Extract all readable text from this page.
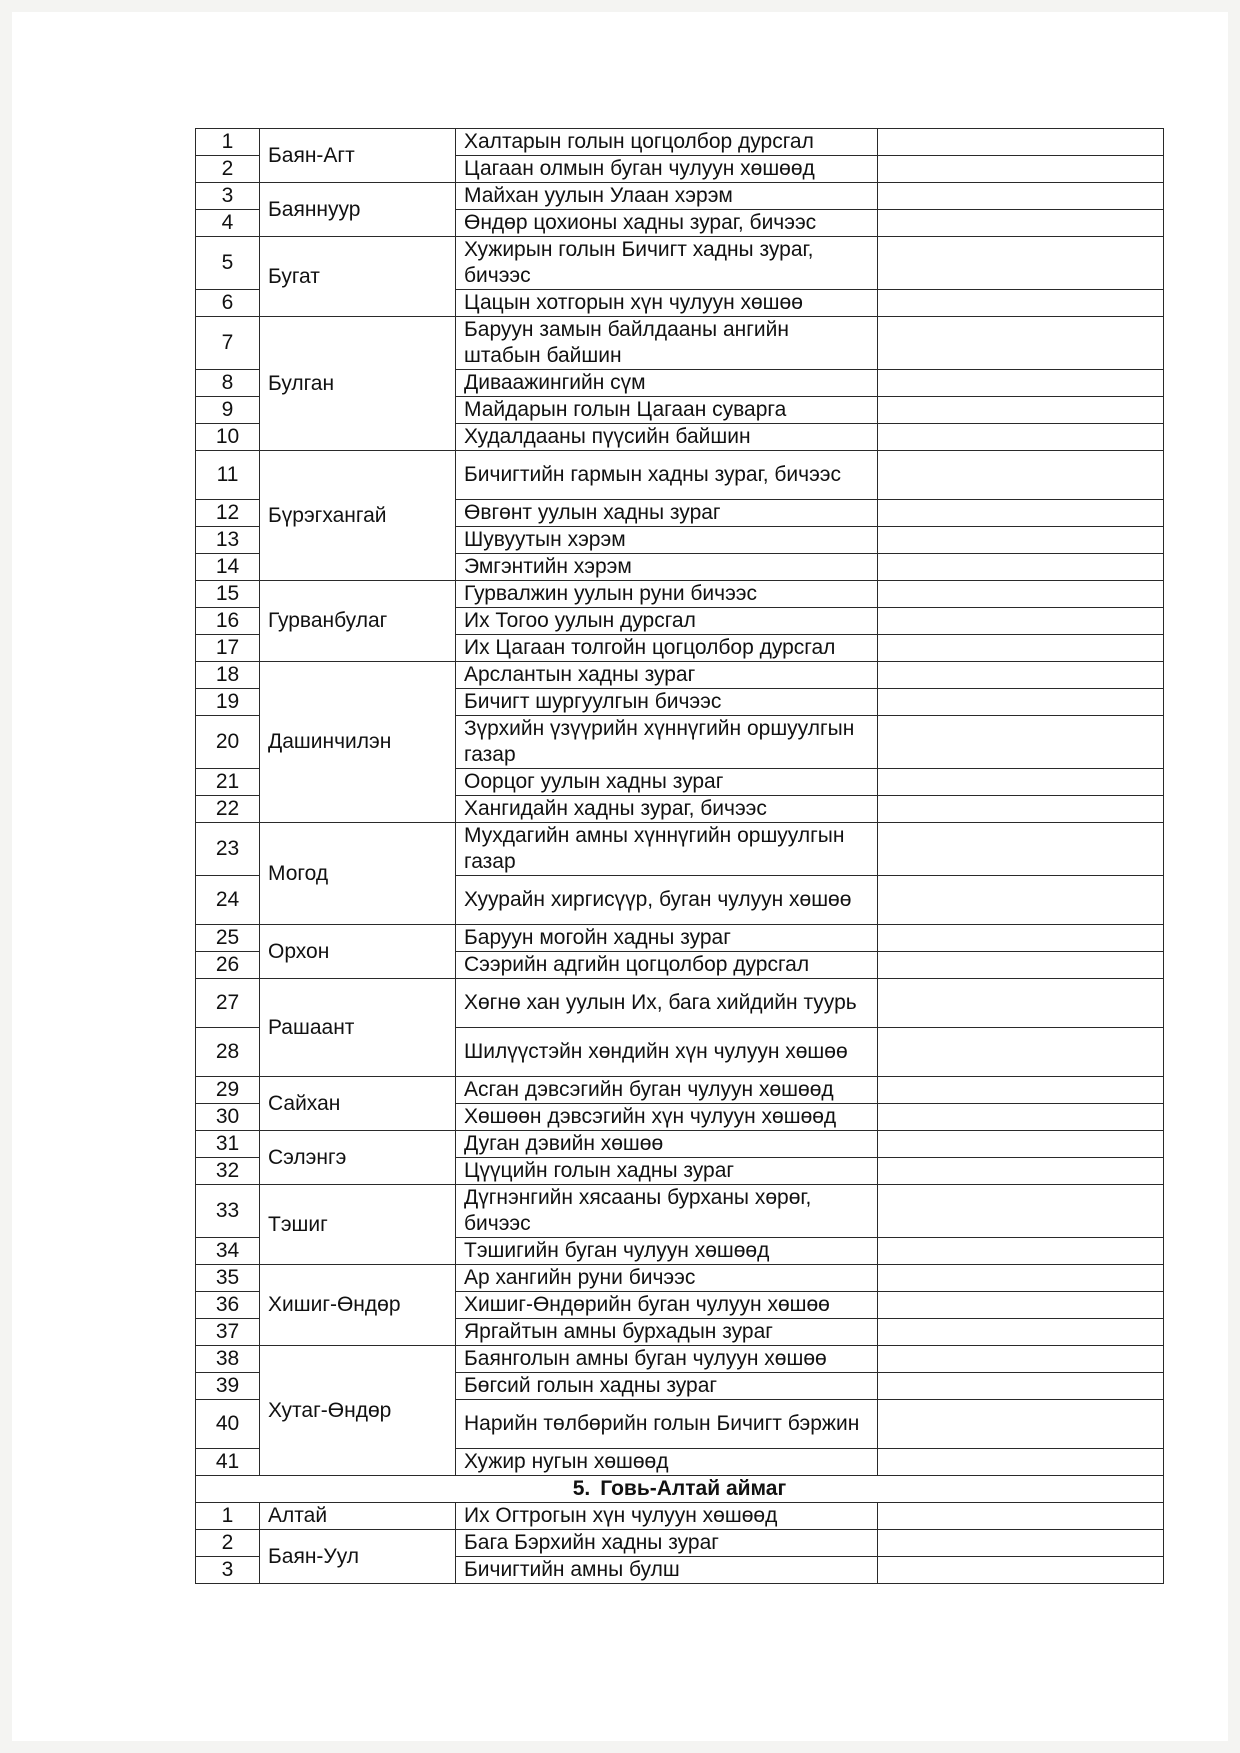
1	Баян-Агт	Халтарын голын цогцолбор дурсгал	
2		Цагаан олмын буган чулуун хөшөөд	
3	Баяннуур	Майхан уулын Улаан хэрэм	
4		Өндөр цохионы хадны зураг, бичээс	
5	Бугат	Хужирын голын Бичигт хадны зураг, бичээс	
6		Цацын хотгорын хүн чулуун хөшөө	
7	Булган	Баруун замын байлдааны ангийн штабын байшин	
8		Диваажингийн сүм	
9		Майдарын голын Цагаан суварга	
10		Худалдааны пүүсийн байшин	
11	Бүрэгхангай	Бичигтийн гармын хадны зураг, бичээс	
12		Өвгөнт уулын хадны зураг	
13		Шувуутын хэрэм	
14		Эмгэнтийн хэрэм	
15	Гурванбулаг	Гурвалжин уулын руни бичээс	
16		Их Тогоо уулын дурсгал	
17		Их Цагаан толгойн цогцолбор дурсгал	
18	Дашинчилэн	Арслантын хадны зураг	
19		Бичигт шургуулгын бичээс	
20		Зүрхийн үзүүрийн хүннүгийн оршуулгын газар	
21		Оорцог уулын хадны зураг	
22		Хангидайн хадны зураг, бичээс	
23	Могод	Мухдагийн амны хүннүгийн оршуулгын газар	
24		Хуурайн хиргисүүр, буган чулуун хөшөө	
25	Орхон	Баруун могойн хадны зураг	
26		Сээрийн адгийн цогцолбор дурсгал	
27	Рашаант	Хөгнө хан уулын Их, бага хийдийн туурь	
28		Шилүүстэйн хөндийн хүн чулуун хөшөө	
29	Сайхан	Асган дэвсэгийн буган чулуун хөшөөд	
30		Хөшөөн дэвсэгийн хүн чулуун хөшөөд	
31	Сэлэнгэ	Дуган дэвийн хөшөө	
32		Цүүцийн голын хадны зураг	
33	Тэшиг	Дүгнэнгийн хясааны бурханы хөрөг, бичээс	
34		Тэшигийн буган чулуун хөшөөд	
35	Хишиг-Өндөр	Ар хангийн руни бичээс	
36		Хишиг-Өндөрийн буган чулуун хөшөө	
37		Яргайтын амны бурхадын зураг	
38	Хутаг-Өндөр	Баянголын амны буган чулуун хөшөө	
39		Бөгсий голын хадны зураг	
40		Нарийн төлбөрийн голын Бичигт бэржин	
41		Хужир нугын хөшөөд	
5. Говь-Алтай аймаг			
1	Алтай	Их Огтрогын хүн чулуун хөшөөд	
2	Баян-Уул	Бага Бэрхийн хадны зураг	
3		Бичигтийн амны булш	
